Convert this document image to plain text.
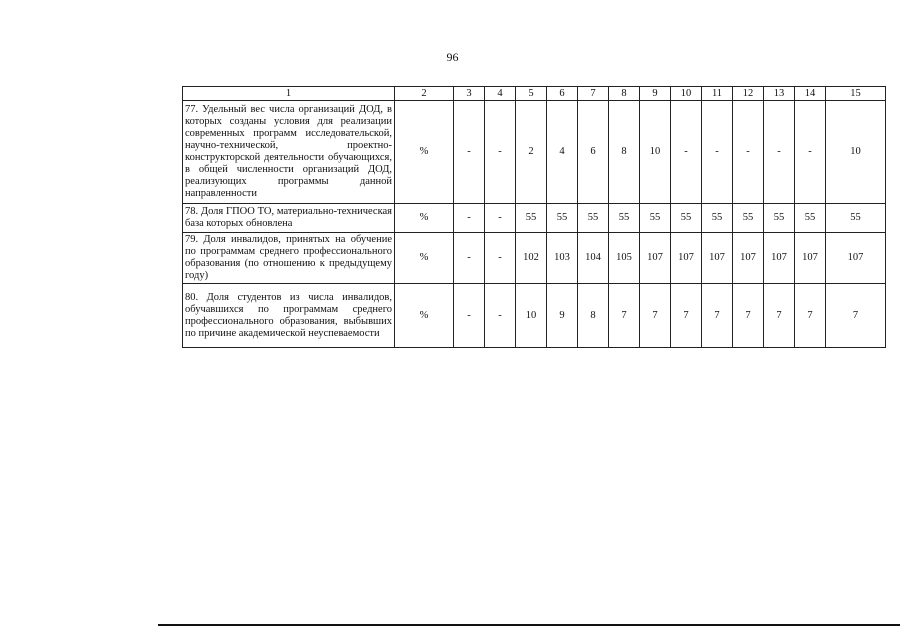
96
1	2	3	4	5	6	7	8	9	10	11	12	13	14	15
77. Удельный вес числа организаций ДОД, в которых созданы условия для реализации современных программ исследовательской, научно-технической, проектно-конструкторской деятельности обучающихся, в общей численности организаций ДОД, реализующих программы данной направленности	%	-	-	2	4	6	8	10	-	-	-	-	-	10
78. Доля ГПОО ТО, материально-техническая база которых обновлена	%	-	-	55	55	55	55	55	55	55	55	55	55	55
79. Доля инвалидов, принятых на обучение по программам среднего профессионального образования (по отношению к предыдущему году)	%	-	-	102	103	104	105	107	107	107	107	107	107	107
80. Доля студентов из числа инвалидов, обучавшихся по программам среднего профессионального образования, выбывших по причине академической неуспеваемости	%	-	-	10	9	8	7	7	7	7	7	7	7	7
